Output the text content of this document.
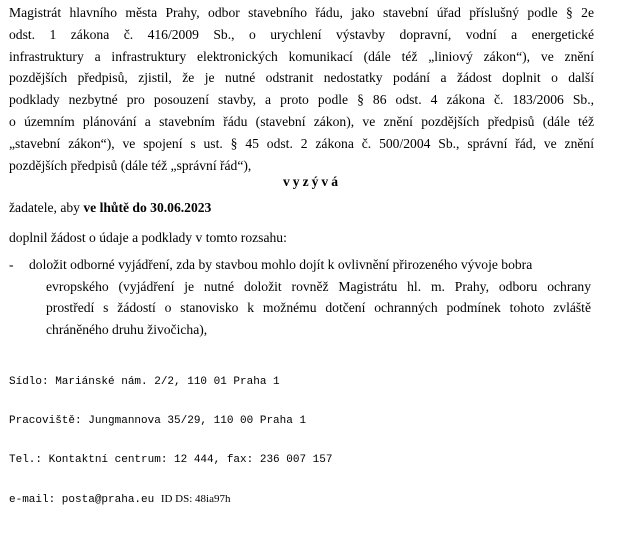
Magistrát hlavního města Prahy, odbor stavebního řádu, jako stavební úřad příslušný podle § 2e
odst. 1 zákona č. 416/2009 Sb., o urychlení výstavby dopravní, vodní a energetické
infrastruktury a infrastruktury elektronických komunikací (dále též „liniový zákon“), ve znění
pozdějších předpisů, zjistil, že je nutné odstranit nedostatky podání a žádost doplnit o další
podklady nezbytné pro posouzení stavby, a proto podle § 86 odst. 4 zákona č. 183/2006 Sb.,
o územním plánování a stavebním řádu (stavební zákon), ve znění pozdějších předpisů (dále též
„stavební zákon“), ve spojení s ust. § 45 odst. 2 zákona č. 500/2004 Sb., správní řád, ve znění
pozdějších předpisů (dále též „správní řád“),
vyzývá
žadatele, aby ve lhůtě do 30.06.2023
doplnil žádost o údaje a podklady v tomto rozsahu:
- doložit odborné vyjádření, zda by stavbou mohlo dojít k ovlivnění přirozeného vývoje bobra
evropského (vyjádření je nutné doložit rovněž Magistrátu hl. m. Prahy, odboru ochrany
prostředí s žádostí o stanovisko k možnému dotčení ochranných podmínek tohoto zvláště
chráněného druhu živočicha),

Sídlo: Mariánské nám. 2/2, 110 01 Praha 1

Pracoviště: Jungmannova 35/29, 110 00 Praha 1

Tel.: Kontaktní centrum: 12 444, fax: 236 007 157

e-mail: posta@praha.eu ID DS: 48ia97h
